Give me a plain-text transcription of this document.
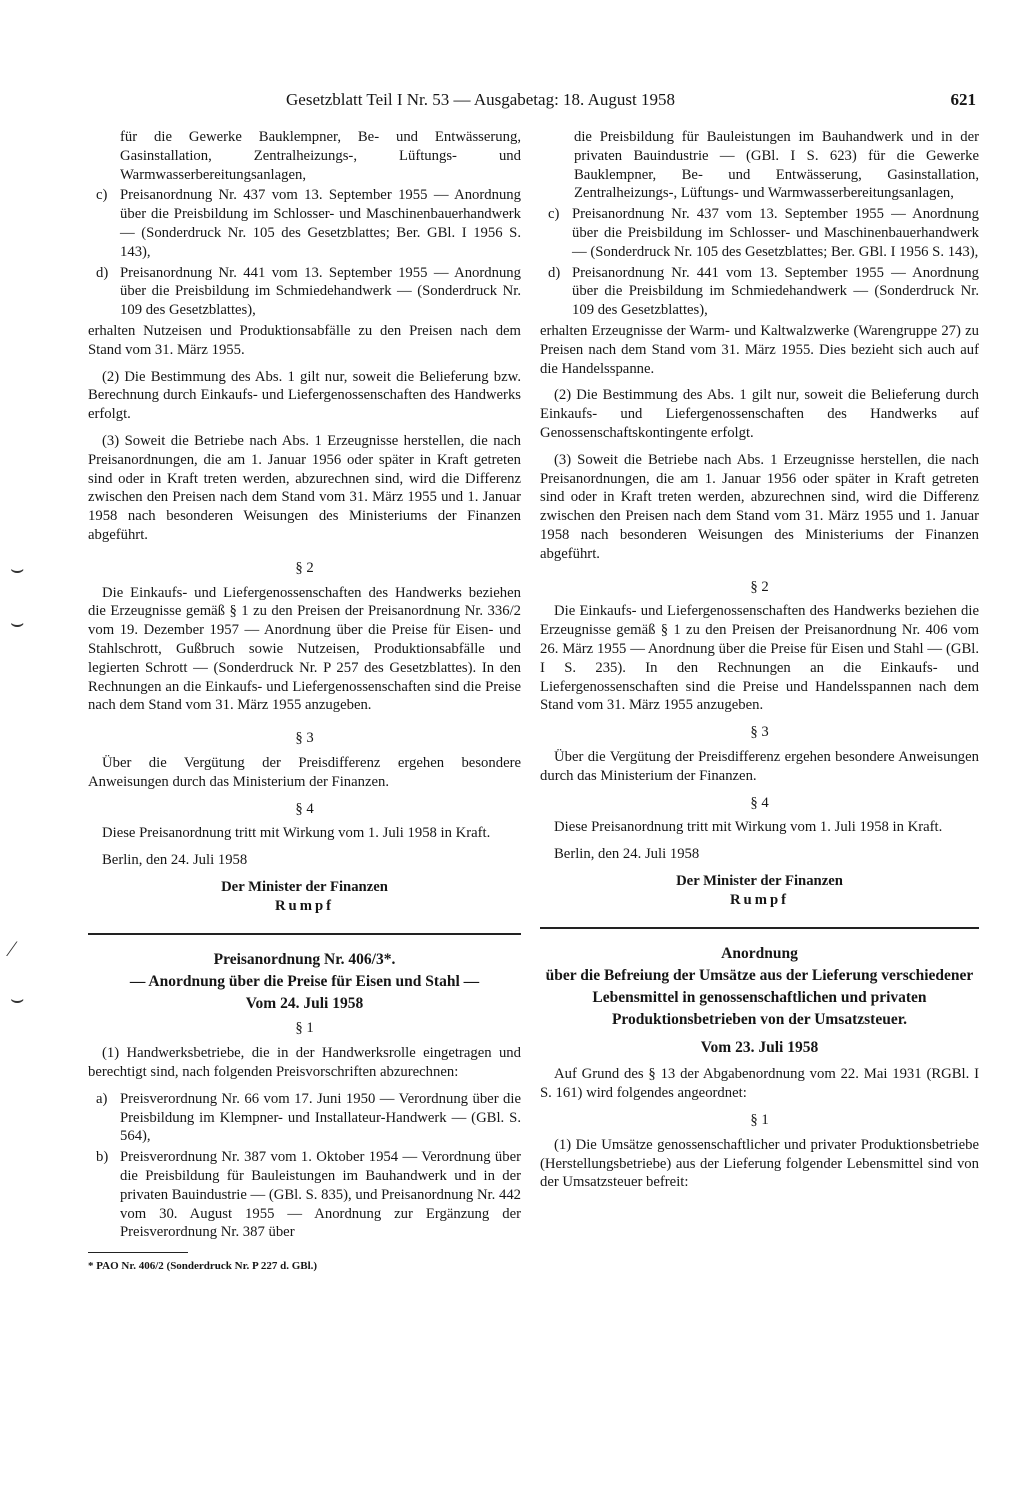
Gesetzblatt Teil I Nr. 53 — Ausgabetag: 18. August 1958	621
⌣
⌣
⁄
⌣

für die Gewerke Bauklempner, Be- und Entwässerung, Gasinstallation, Zentralheizungs-, Lüftungs- und Warmwasserbereitungsanlagen,

c) Preisanordnung Nr. 437 vom 13. September 1955 — Anordnung über die Preisbildung im Schlosser- und Maschinenbauerhandwerk — (Sonderdruck Nr. 105 des Gesetzblattes; Ber. GBl. I 1956 S. 143),
d) Preisanordnung Nr. 441 vom 13. September 1955 — Anordnung über die Preisbildung im Schmiedehandwerk — (Sonderdruck Nr. 109 des Gesetzblattes),

erhalten Nutzeisen und Produktionsabfälle zu den Preisen nach dem Stand vom 31. März 1955.

(2) Die Bestimmung des Abs. 1 gilt nur, soweit die Belieferung bzw. Berechnung durch Einkaufs- und Liefergenossenschaften des Handwerks erfolgt.

(3) Soweit die Betriebe nach Abs. 1 Erzeugnisse herstellen, die nach Preisanordnungen, die am 1. Januar 1956 oder später in Kraft getreten sind oder in Kraft treten werden, abzurechnen sind, wird die Differenz zwischen den Preisen nach dem Stand vom 31. März 1955 und 1. Januar 1958 nach besonderen Weisungen des Ministeriums der Finanzen abgeführt.

§ 2

Die Einkaufs- und Liefergenossenschaften des Handwerks beziehen die Erzeugnisse gemäß § 1 zu den Preisen der Preisanordnung Nr. 336/2 vom 19. Dezember 1957 — Anordnung über die Preise für Eisen- und Stahlschrott, Gußbruch sowie Nutzeisen, Produktionsabfälle und legierten Schrott — (Sonderdruck Nr. P 257 des Gesetzblattes). In den Rechnungen an die Einkaufs- und Liefergenossenschaften sind die Preise nach dem Stand vom 31. März 1955 anzugeben.

§ 3

Über die Vergütung der Preisdifferenz ergehen besondere Anweisungen durch das Ministerium der Finanzen.

§ 4

Diese Preisanordnung tritt mit Wirkung vom 1. Juli 1958 in Kraft.

Berlin, den 24. Juli 1958

Der Minister der Finanzen

Rumpf

Preisanordnung Nr. 406/3*.

— Anordnung über die Preise für Eisen und Stahl —

Vom 24. Juli 1958

§ 1

(1) Handwerksbetriebe, die in der Handwerksrolle eingetragen und berechtigt sind, nach folgenden Preisvorschriften abzurechnen:

a) Preisverordnung Nr. 66 vom 17. Juni 1950 — Verordnung über die Preisbildung im Klempner- und Installateur-Handwerk — (GBl. S. 564),
b) Preisverordnung Nr. 387 vom 1. Oktober 1954 — Verordnung über die Preisbildung für Bauleistungen im Bauhandwerk und in der privaten Bauindustrie — (GBl. S. 835), und Preisanordnung Nr. 442 vom 30. August 1955 — Anordnung zur Ergänzung der Preisverordnung Nr. 387 über

* PAO Nr. 406/2 (Sonderdruck Nr. P 227 d. GBl.)

die Preisbildung für Bauleistungen im Bauhandwerk und in der privaten Bauindustrie — (GBl. I S. 623) für die Gewerke Bauklempner, Be- und Entwässerung, Gasinstallation, Zentralheizungs-, Lüftungs- und Warmwasserbereitungsanlagen,

c) Preisanordnung Nr. 437 vom 13. September 1955 — Anordnung über die Preisbildung im Schlosser- und Maschinenbauerhandwerk — (Sonderdruck Nr. 105 des Gesetzblattes; Ber. GBl. I 1956 S. 143),
d) Preisanordnung Nr. 441 vom 13. September 1955 — Anordnung über die Preisbildung im Schmiedehandwerk — (Sonderdruck Nr. 109 des Gesetzblattes),

erhalten Erzeugnisse der Warm- und Kaltwalzwerke (Warengruppe 27) zu Preisen nach dem Stand vom 31. März 1955. Dies bezieht sich auch auf die Handelsspanne.

(2) Die Bestimmung des Abs. 1 gilt nur, soweit die Belieferung durch Einkaufs- und Liefergenossenschaften des Handwerks auf Genossenschaftskontingente erfolgt.

(3) Soweit die Betriebe nach Abs. 1 Erzeugnisse herstellen, die nach Preisanordnungen, die am 1. Januar 1956 oder später in Kraft getreten sind oder in Kraft treten werden, abzurechnen sind, wird die Differenz zwischen den Preisen nach dem Stand vom 31. März 1955 und 1. Januar 1958 nach besonderen Weisungen des Ministeriums der Finanzen abgeführt.

§ 2

Die Einkaufs- und Liefergenossenschaften des Handwerks beziehen die Erzeugnisse gemäß § 1 zu den Preisen der Preisanordnung Nr. 406 vom 26. März 1955 — Anordnung über die Preise für Eisen und Stahl — (GBl. I S. 235). In den Rechnungen an die Einkaufs- und Liefergenossenschaften sind die Preise und Handelsspannen nach dem Stand vom 31. März 1955 anzugeben.

§ 3

Über die Vergütung der Preisdifferenz ergehen besondere Anweisungen durch das Ministerium der Finanzen.

§ 4

Diese Preisanordnung tritt mit Wirkung vom 1. Juli 1958 in Kraft.

Berlin, den 24. Juli 1958

Der Minister der Finanzen

Rumpf

Anordnung

über die Befreiung der Umsätze aus der Lieferung verschiedener Lebensmittel in genossenschaftlichen und privaten Produktionsbetrieben von der Umsatzsteuer.

Vom 23. Juli 1958

Auf Grund des § 13 der Abgabenordnung vom 22. Mai 1931 (RGBl. I S. 161) wird folgendes angeordnet:

§ 1

(1) Die Umsätze genossenschaftlicher und privater Produktionsbetriebe (Herstellungsbetriebe) aus der Lieferung folgender Lebensmittel sind von der Umsatzsteuer befreit:
